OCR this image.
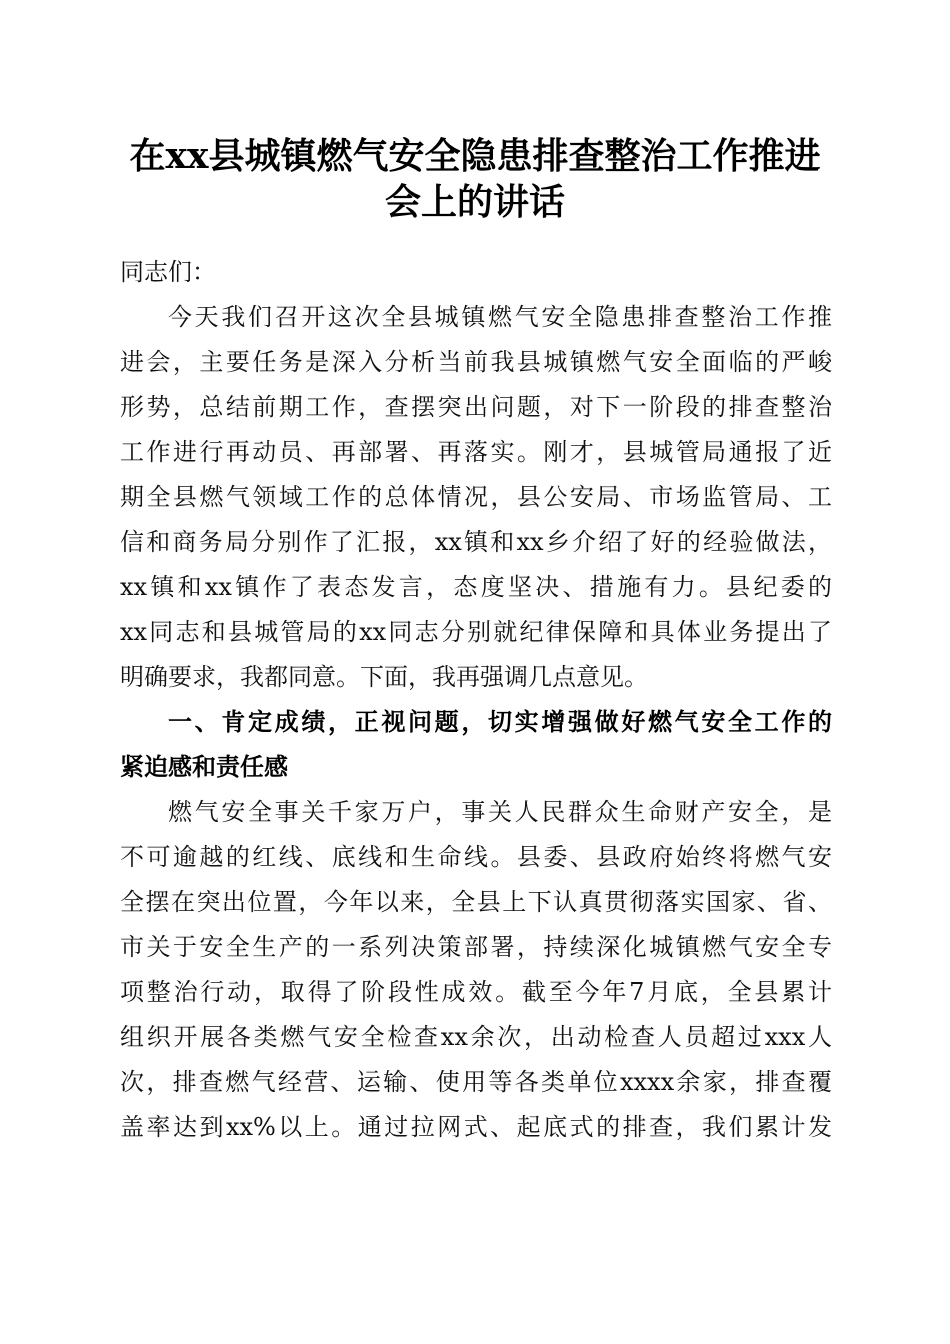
在xx县城镇燃气安全隐患排查整治工作推进
会上的讲话
同志们：
今天我们召开这次全县城镇燃气安全隐患排查整治工作推
进会，主要任务是深入分析当前我县城镇燃气安全面临的严峻
形势，总结前期工作，查摆突出问题，对下一阶段的排查整治
工作进行再动员、再部署、再落实。刚才，县城管局通报了近
期全县燃气领域工作的总体情况，县公安局、市场监管局、工
信和商务局分别作了汇报，xx镇和xx乡介绍了好的经验做法，
xx镇和xx镇作了表态发言，态度坚决、措施有力。县纪委的
xx同志和县城管局的xx同志分别就纪律保障和具体业务提出了
明确要求，我都同意。下面，我再强调几点意见。
一、肯定成绩，正视问题，切实增强做好燃气安全工作的
紧迫感和责任感
燃气安全事关千家万户，事关人民群众生命财产安全，是
不可逾越的红线、底线和生命线。县委、县政府始终将燃气安
全摆在突出位置，今年以来，全县上下认真贯彻落实国家、省、
市关于安全生产的一系列决策部署，持续深化城镇燃气安全专
项整治行动，取得了阶段性成效。截至今年7月底，全县累计
组织开展各类燃气安全检查xx余次，出动检查人员超过xxx人
次，排查燃气经营、运输、使用等各类单位xxxx余家，排查覆
盖率达到xx%以上。通过拉网式、起底式的排查，我们累计发
